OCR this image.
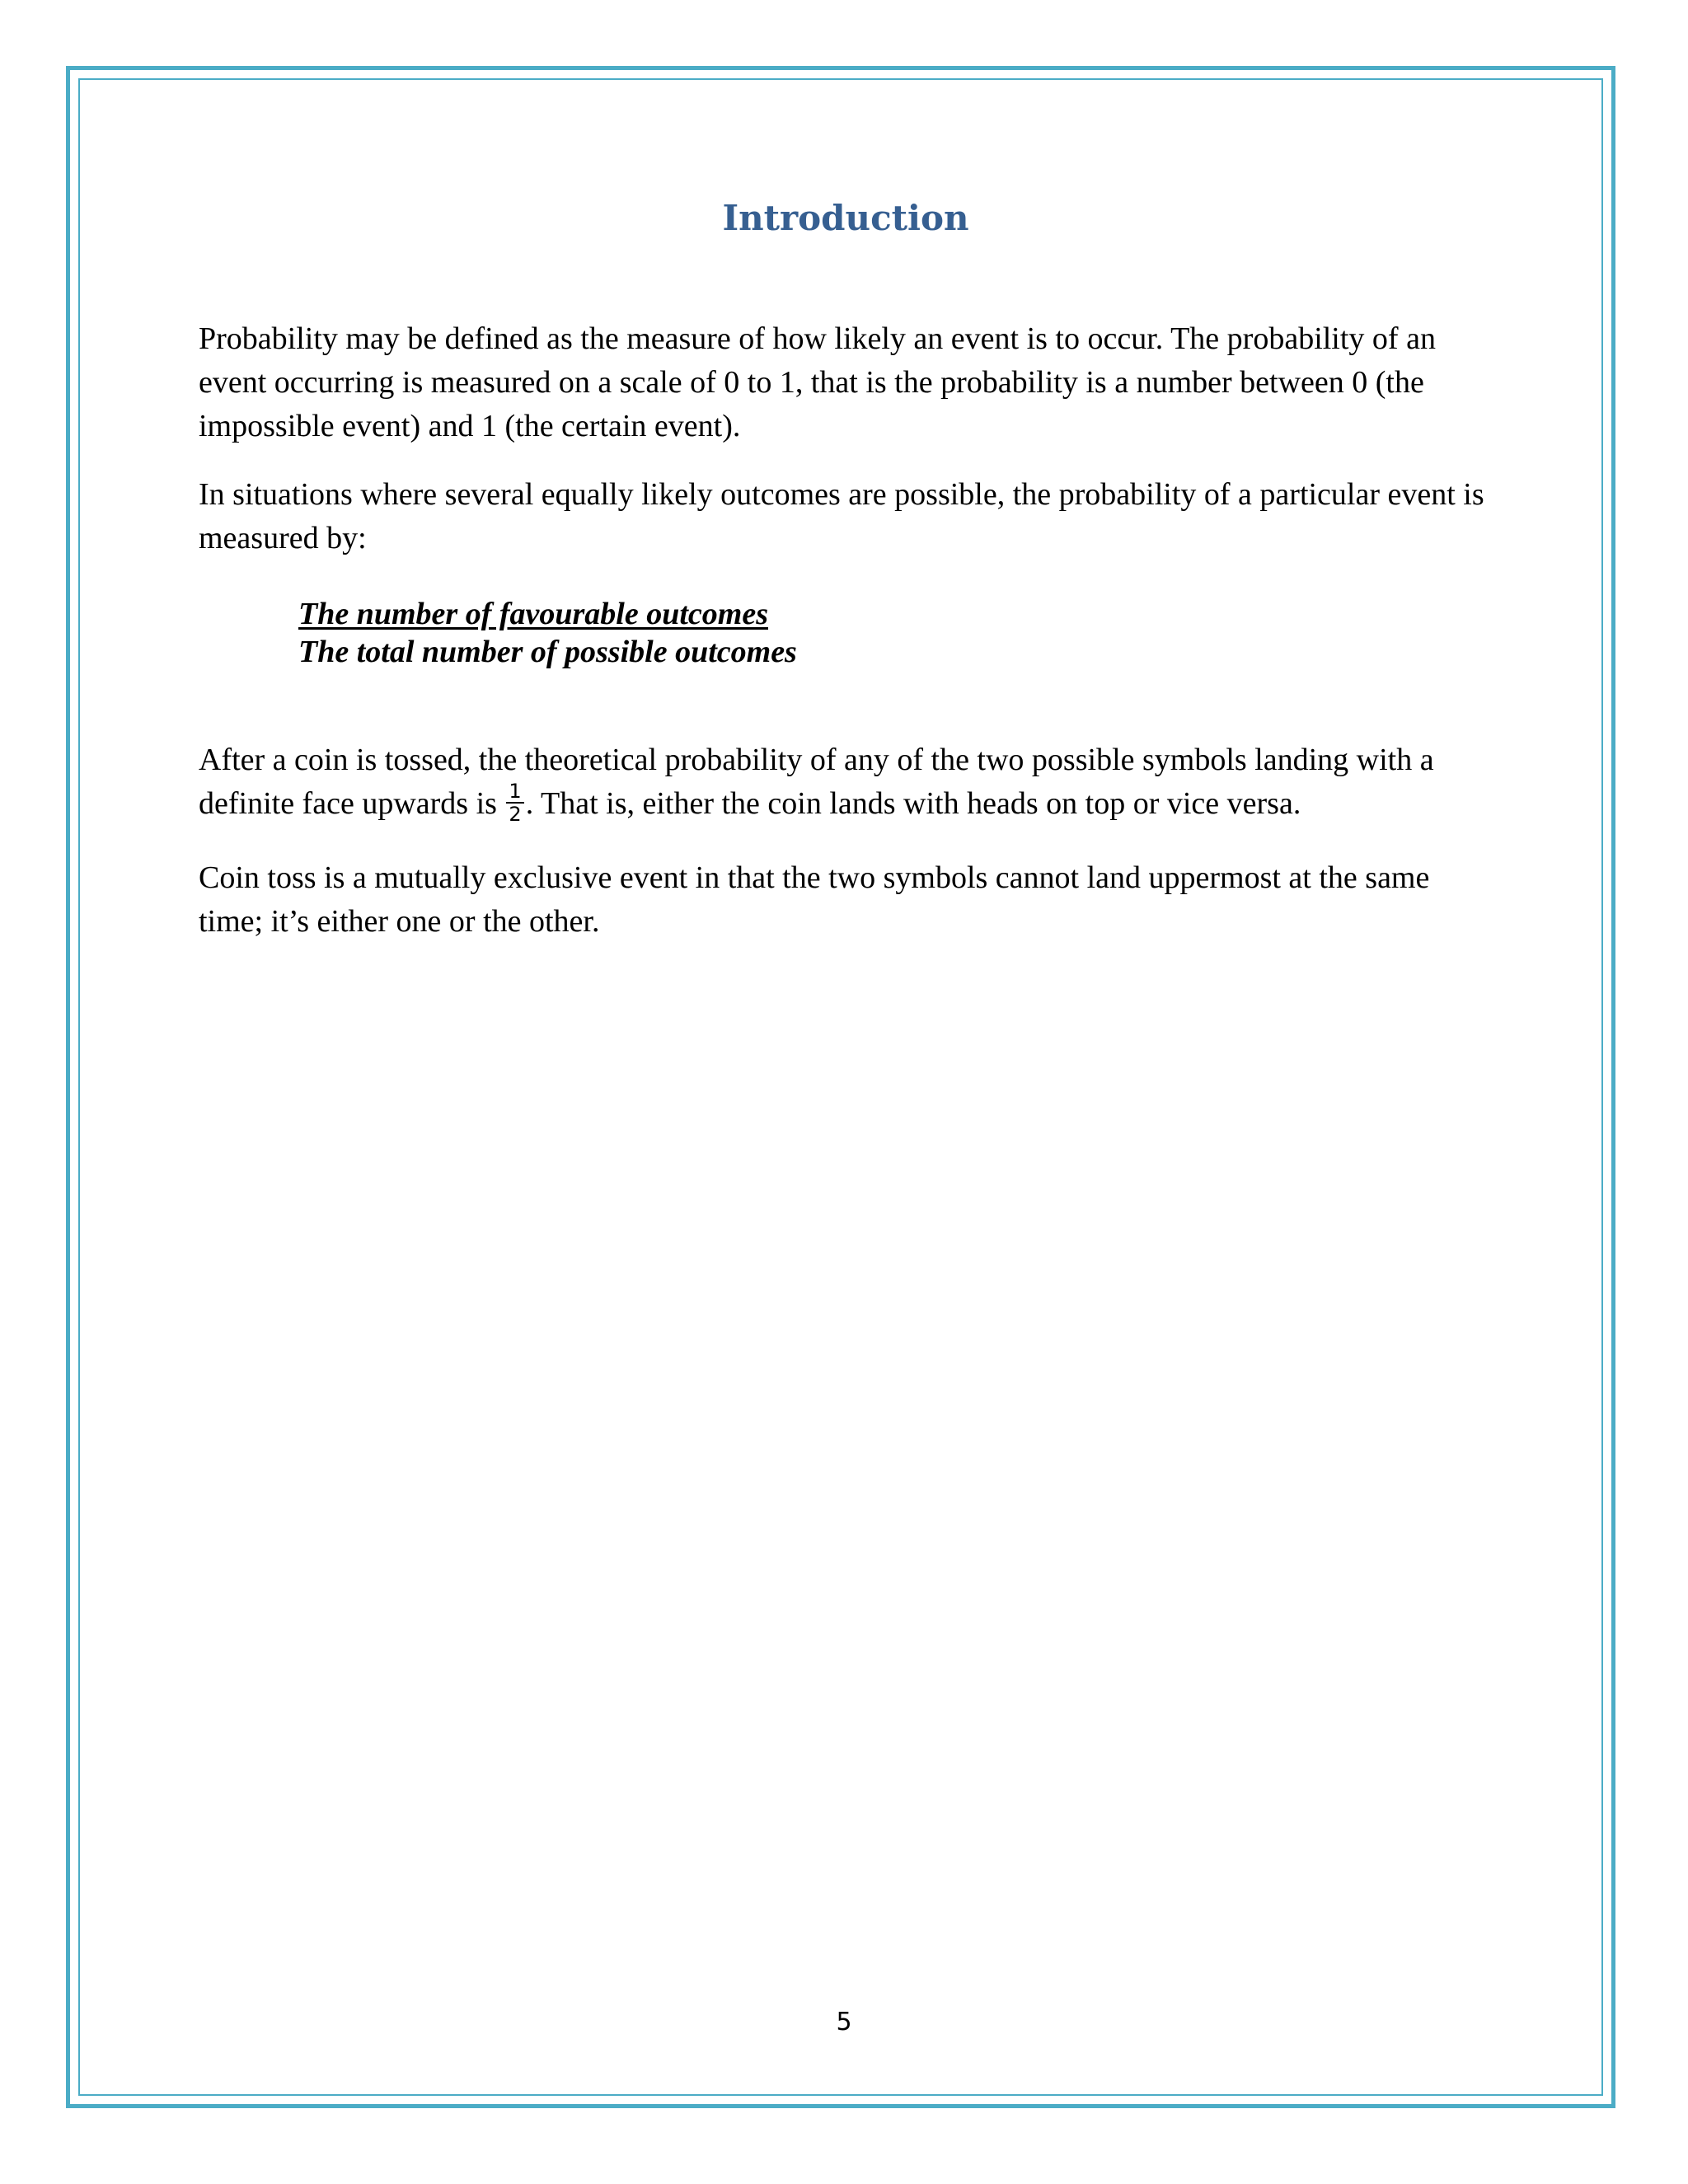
Introduction

Probability may be defined as the measure of how likely an event is to occur. The probability of an event occurring is measured on a scale of 0 to 1, that is the probability is a number between 0 (the impossible event) and 1 (the certain event).

In situations where several equally likely outcomes are possible, the probability of a particular event is measured by:

The number of favourable outcomes
The total number of possible outcomes

After a coin is tossed, the theoretical probability of any of the two possible symbols landing with a definite face upwards is $\frac{1}{2}$ . That is, either the coin lands with heads on top or vice versa.

Coin toss is a mutually exclusive event in that the two symbols cannot land uppermost at the same time; it’s either one or the other.

5
